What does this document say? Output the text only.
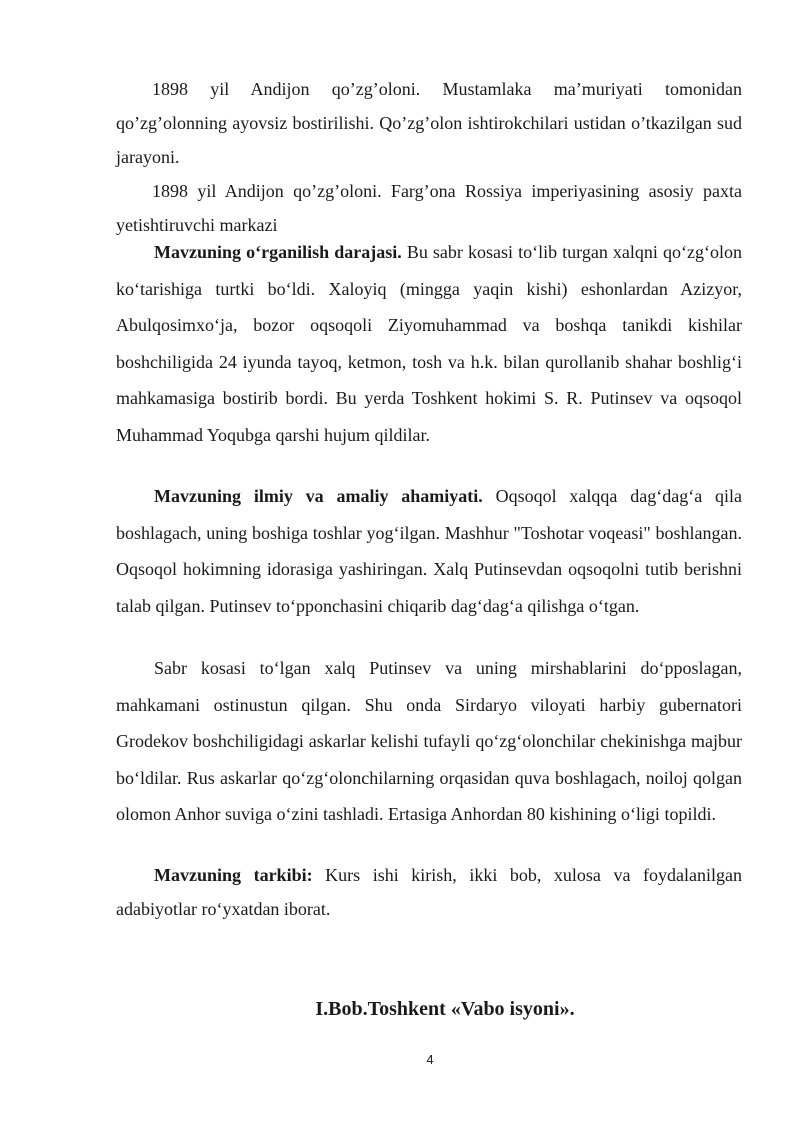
1898 yil Andijon qo’zg’oloni. Mustamlaka ma’muriyati tomonidan qo’zg’olonning ayovsiz bostirilishi. Qo’zg’olon ishtirokchilari ustidan o’tkazilgan sud jarayoni.

1898 yil Andijon qo’zg’oloni. Farg’ona Rossiya imperiyasining asosiy paxta yetishtiruvchi markazi

Mavzuning o‘rganilish darajasi. Bu sabr kosasi to‘lib turgan xalqni qo‘zg‘olon ko‘tarishiga turtki bo‘ldi. Xaloyiq (mingga yaqin kishi) eshonlardan Azizyor, Abulqosimxo‘ja, bozor oqsoqoli Ziyomuhammad va boshqa tanikdi kishilar boshchiligida 24 iyunda tayoq, ketmon, tosh va h.k. bilan qurollanib shahar boshlig‘i mahkamasiga bostirib bordi. Bu yerda Toshkent hokimi S. R. Putinsev va oqsoqol Muhammad Yoqubga qarshi hujum qildilar.

Mavzuning ilmiy va amaliy ahamiyati. Oqsoqol xalqqa dag‘dag‘a qila boshlagach, uning boshiga toshlar yog‘ilgan. Mashhur "Toshotar voqeasi" boshlangan. Oqsoqol hokimning idorasiga yashiringan. Xalq Putinsevdan oqsoqolni tutib berishni talab qilgan. Putinsev to‘pponchasini chiqarib dag‘dag‘a qilishga o‘tgan.

Sabr kosasi to‘lgan xalq Putinsev va uning mirshablarini do‘pposlagan, mahkamani ostinustun qilgan. Shu onda Sirdaryo viloyati harbiy gubernatori Grodekov boshchiligidagi askarlar kelishi tufayli qo‘zg‘olonchilar chekinishga majbur bo‘ldilar. Rus askarlar qo‘zg‘olonchilarning orqasidan quva boshlagach, noiloj qolgan olomon Anhor suviga o‘zini tashladi. Ertasiga Anhordan 80 kishining o‘ligi topildi.

Mavzuning tarkibi: Kurs ishi kirish, ikki bob, xulosa va foydalanilgan adabiyotlar ro‘yxatdan iborat.

I.Bob.Toshkent «Vabo isyoni».
4
